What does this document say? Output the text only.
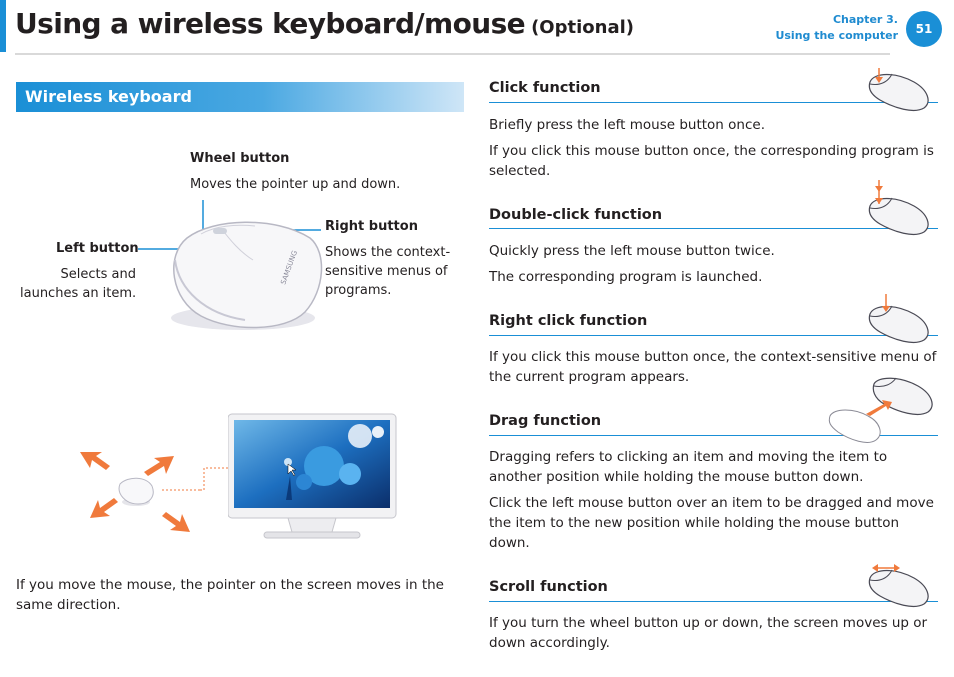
Using a wireless keyboard/mouse (Optional)	Chapter 3.
Using the computer	51
Wireless keyboard
Wheel button
Moves the pointer up and down.
Right button
Shows the context-
sensitive menus of
programs.
Left button
Selects and
launches an item.
SAMSUNG
If you move the mouse, the pointer on the screen moves in the
same direction.
Click function
Briefly press the left mouse button once.
If you click this mouse button once, the corresponding program is selected.
Double-click function
Quickly press the left mouse button twice.
The corresponding program is launched.
Right click function
If you click this mouse button once, the context-sensitive menu of the current program appears.
Drag function
Dragging refers to clicking an item and moving the item to another position while holding the mouse button down.
Click the left mouse button over an item to be dragged and move the item to the new position while holding the mouse button down.
Scroll function
If you turn the wheel button up or down, the screen moves up or down accordingly.
